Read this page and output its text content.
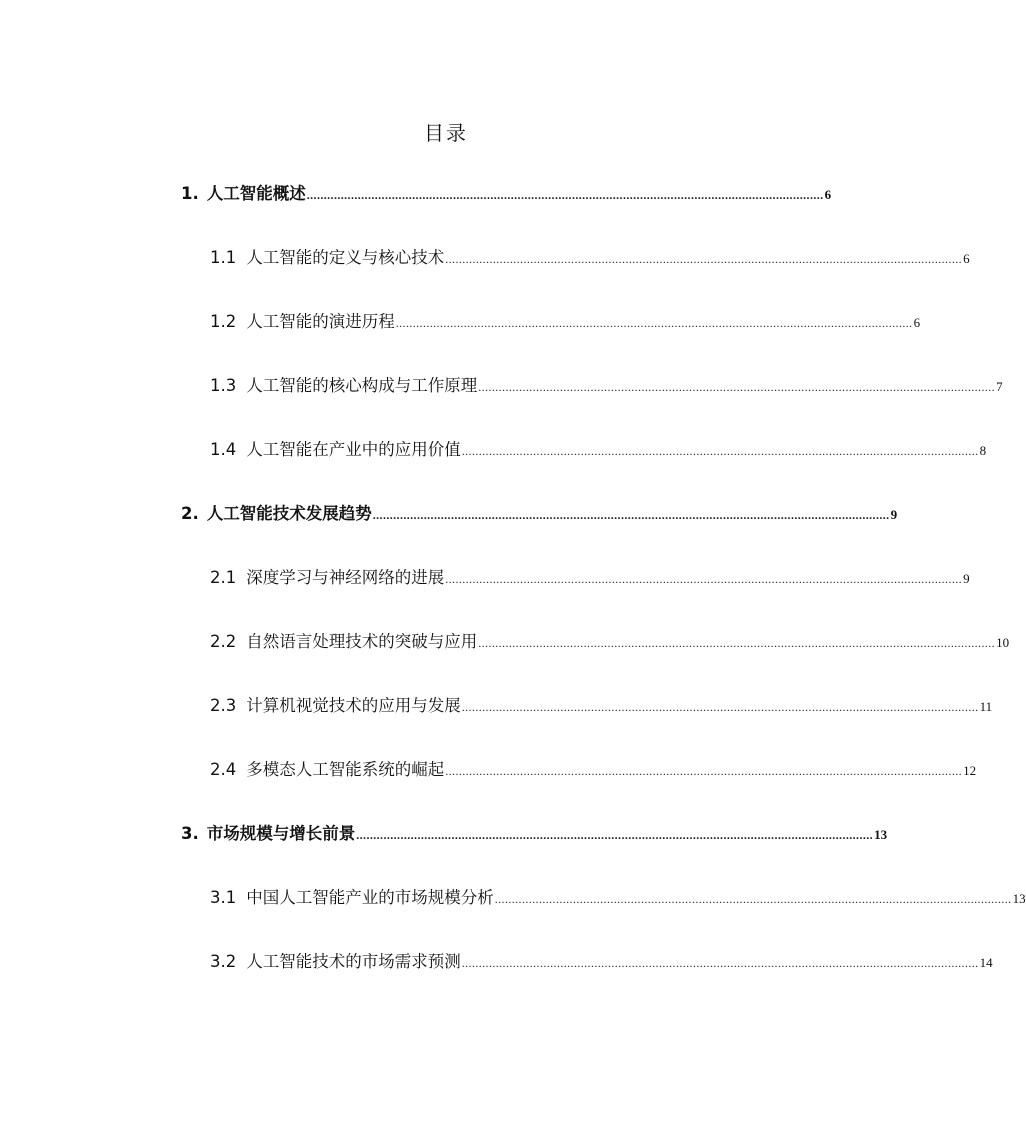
目录
1. 人工智能概述 ........................................................................................................................................................ 6
1.1 人工智能的定义与核心技术 ........................................................................................................................................................ 6
1.2 人工智能的演进历程 ........................................................................................................................................................ 6
1.3 人工智能的核心构成与工作原理 ........................................................................................................................................................ 7
1.4 人工智能在产业中的应用价值 ........................................................................................................................................................ 8
2. 人工智能技术发展趋势 ........................................................................................................................................................ 9
2.1 深度学习与神经网络的进展 ........................................................................................................................................................ 9
2.2 自然语言处理技术的突破与应用 ........................................................................................................................................................ 10
2.3 计算机视觉技术的应用与发展 ........................................................................................................................................................ 11
2.4 多模态人工智能系统的崛起 ........................................................................................................................................................ 12
3. 市场规模与增长前景 ........................................................................................................................................................ 13
3.1 中国人工智能产业的市场规模分析 ........................................................................................................................................................ 13
3.2 人工智能技术的市场需求预测 ........................................................................................................................................................ 14
